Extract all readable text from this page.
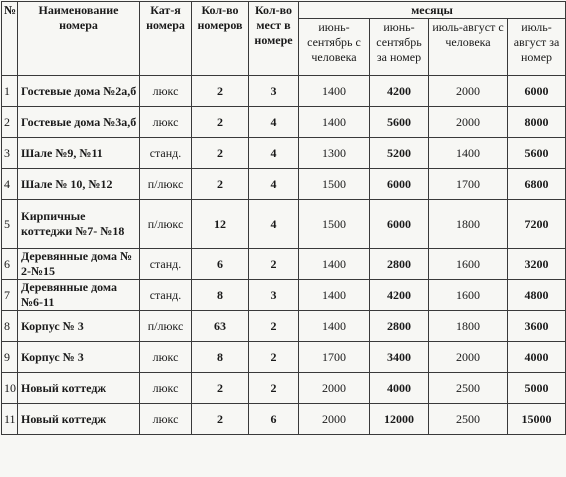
№	Наименование номера	Кат-я номера	Кол-во номеров	Кол-во мест в номере	месяцы			
					июнь-сентябрь с человека	июнь-сентябрь за номер	июль-август с человека	июль-август за номер
1	Гостевые дома №2а,б	люкс	2	3	1400	4200	2000	6000
2	Гостевые дома №3а,б	люкс	2	4	1400	5600	2000	8000
3	Шале №9, №11	станд.	2	4	1300	5200	1400	5600
4	Шале № 10, №12	п/люкс	2	4	1500	6000	1700	6800
5	Кирпичные коттеджи №7- №18	п/люкс	12	4	1500	6000	1800	7200
6	Деревянные дома № 2-№15	станд.	6	2	1400	2800	1600	3200
7	Деревянные дома №6-11	станд.	8	3	1400	4200	1600	4800
8	Корпус № 3	п/люкс	63	2	1400	2800	1800	3600
9	Корпус № 3	люкс	8	2	1700	3400	2000	4000
10	Новый коттедж	люкс	2	2	2000	4000	2500	5000
11	Новый коттедж	люкс	2	6	2000	12000	2500	15000
